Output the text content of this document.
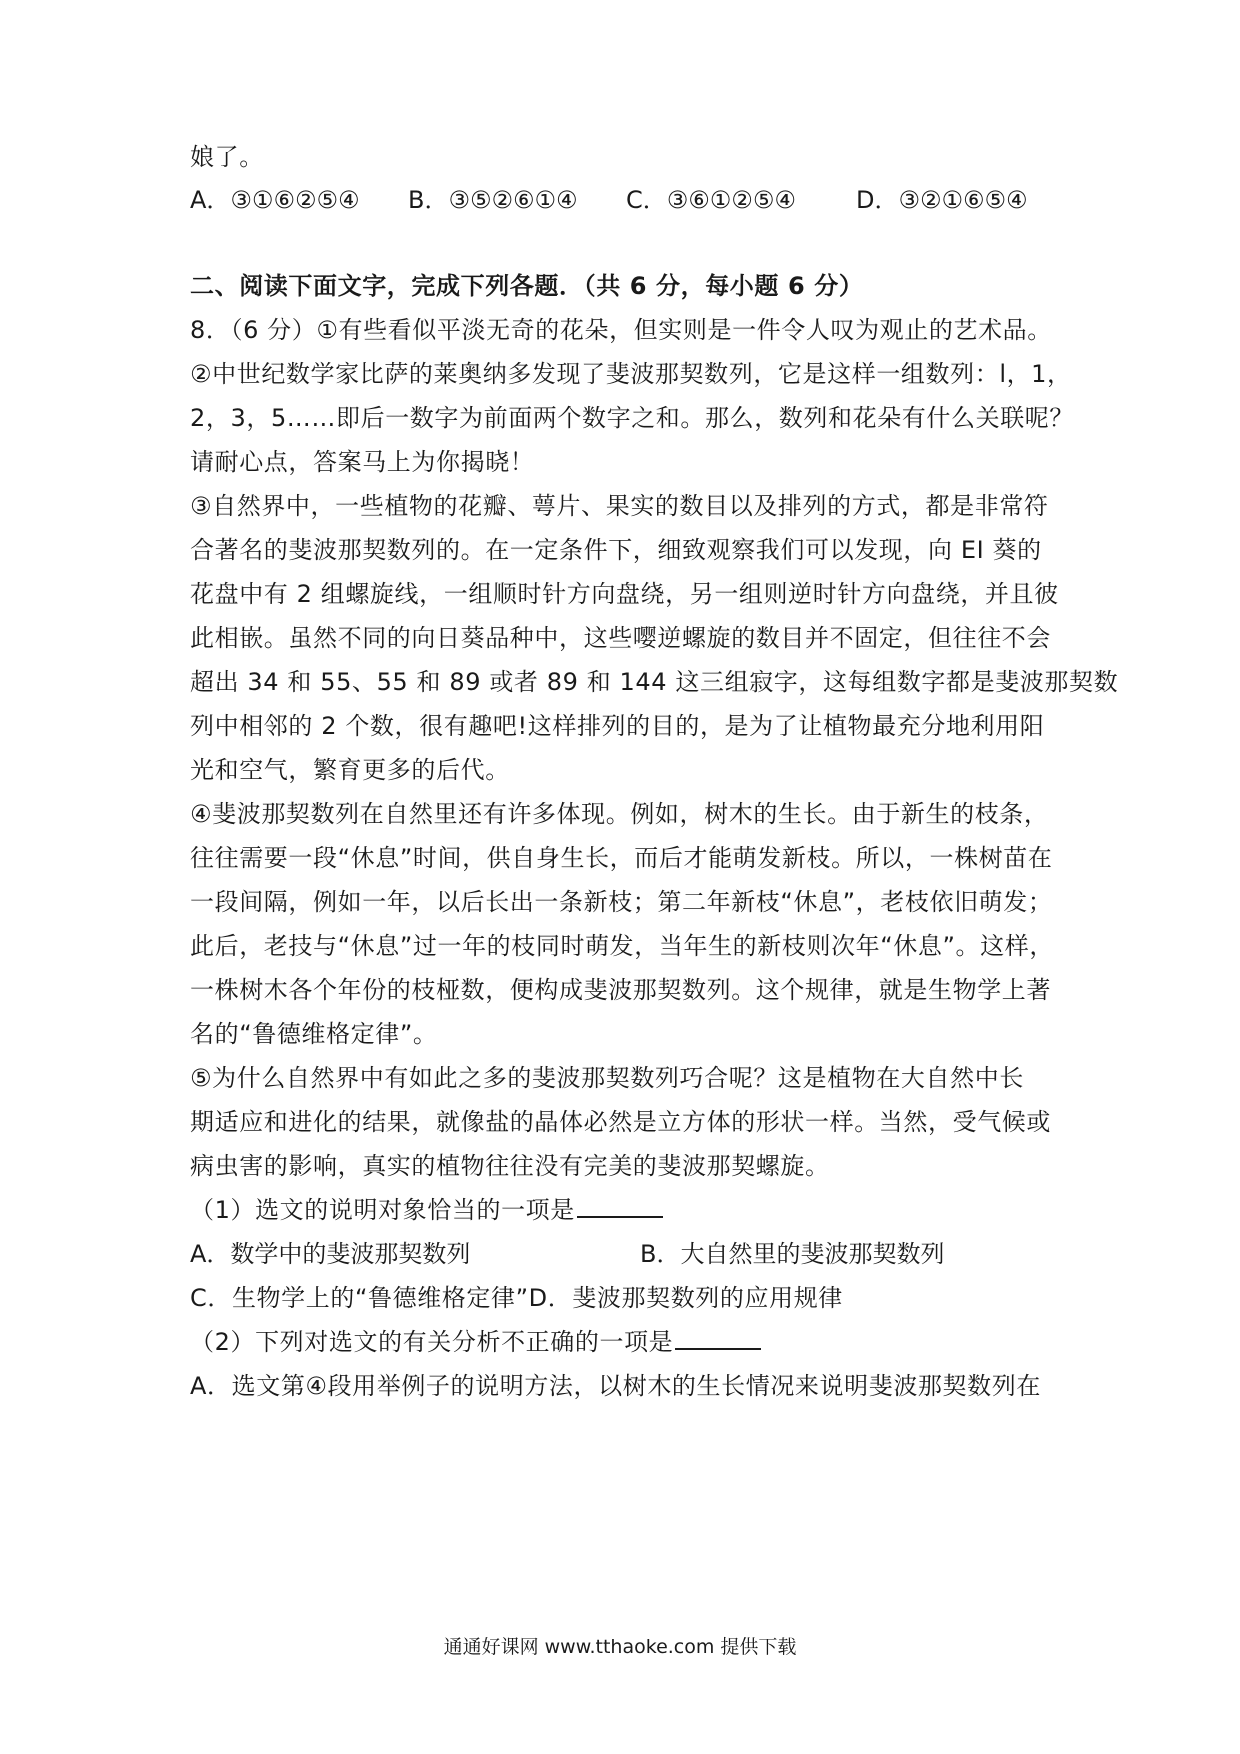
娘了。
A．③①⑥②⑤④ B．③⑤②⑥①④ C．③⑥①②⑤④	D．③②①⑥⑤④
二、阅读下面文字，完成下列各题．（共 6 分，每小题 6 分）
8．（6 分）①有些看似平淡无奇的花朵，但实则是一件令人叹为观止的艺术品。
②中世纪数学家比萨的莱奥纳多发现了斐波那契数列，它是这样一组数列：l，1，
2，3，5……即后一数字为前面两个数字之和。那么，数列和花朵有什么关联呢？
请耐心点，答案马上为你揭晓！
③自然界中，一些植物的花瓣、萼片、果实的数目以及排列的方式，都是非常符
合著名的斐波那契数列的。在一定条件下，细致观察我们可以发现，向 EI 葵的
花盘中有 2 组螺旋线，一组顺时针方向盘绕，另一组则逆时针方向盘绕，并且彼
此相嵌。虽然不同的向日葵品种中，这些嘤逆螺旋的数目并不固定，但往往不会
超出 34 和 55、55 和 89 或者 89 和 144 这三组寂字，这每组数字都是斐波那契数
列中相邻的 2 个数，很有趣吧!这样排列的目的，是为了让植物最充分地利用阳
光和空气，繁育更多的后代。
④斐波那契数列在自然里还有许多体现。例如，树木的生长。由于新生的枝条，
往往需要一段“休息”时间，供自身生长，而后才能萌发新枝。所以，一株树苗在
一段间隔，例如一年，以后长出一条新枝；第二年新枝“休息”，老枝依旧萌发；
此后，老技与“休息”过一年的枝同时萌发，当年生的新枝则次年“休息”。这样，
一株树木各个年份的枝桠数，便构成斐波那契数列。这个规律，就是生物学上著
名的“鲁德维格定律”。
⑤为什么自然界中有如此之多的斐波那契数列巧合呢？这是植物在大自然中长
期适应和进化的结果，就像盐的晶体必然是立方体的形状一样。当然，受气候或
病虫害的影响，真实的植物往往没有完美的斐波那契螺旋。
（1）选文的说明对象恰当的一项是
A．数学中的斐波那契数列	B．大自然里的斐波那契数列
C．生物学上的“鲁德维格定律”D．斐波那契数列的应用规律
（2）下列对选文的有关分析不正确的一项是
A．选文第④段用举例子的说明方法，以树木的生长情况来说明斐波那契数列在
通通好课网 www.tthaoke.com 提供下载
